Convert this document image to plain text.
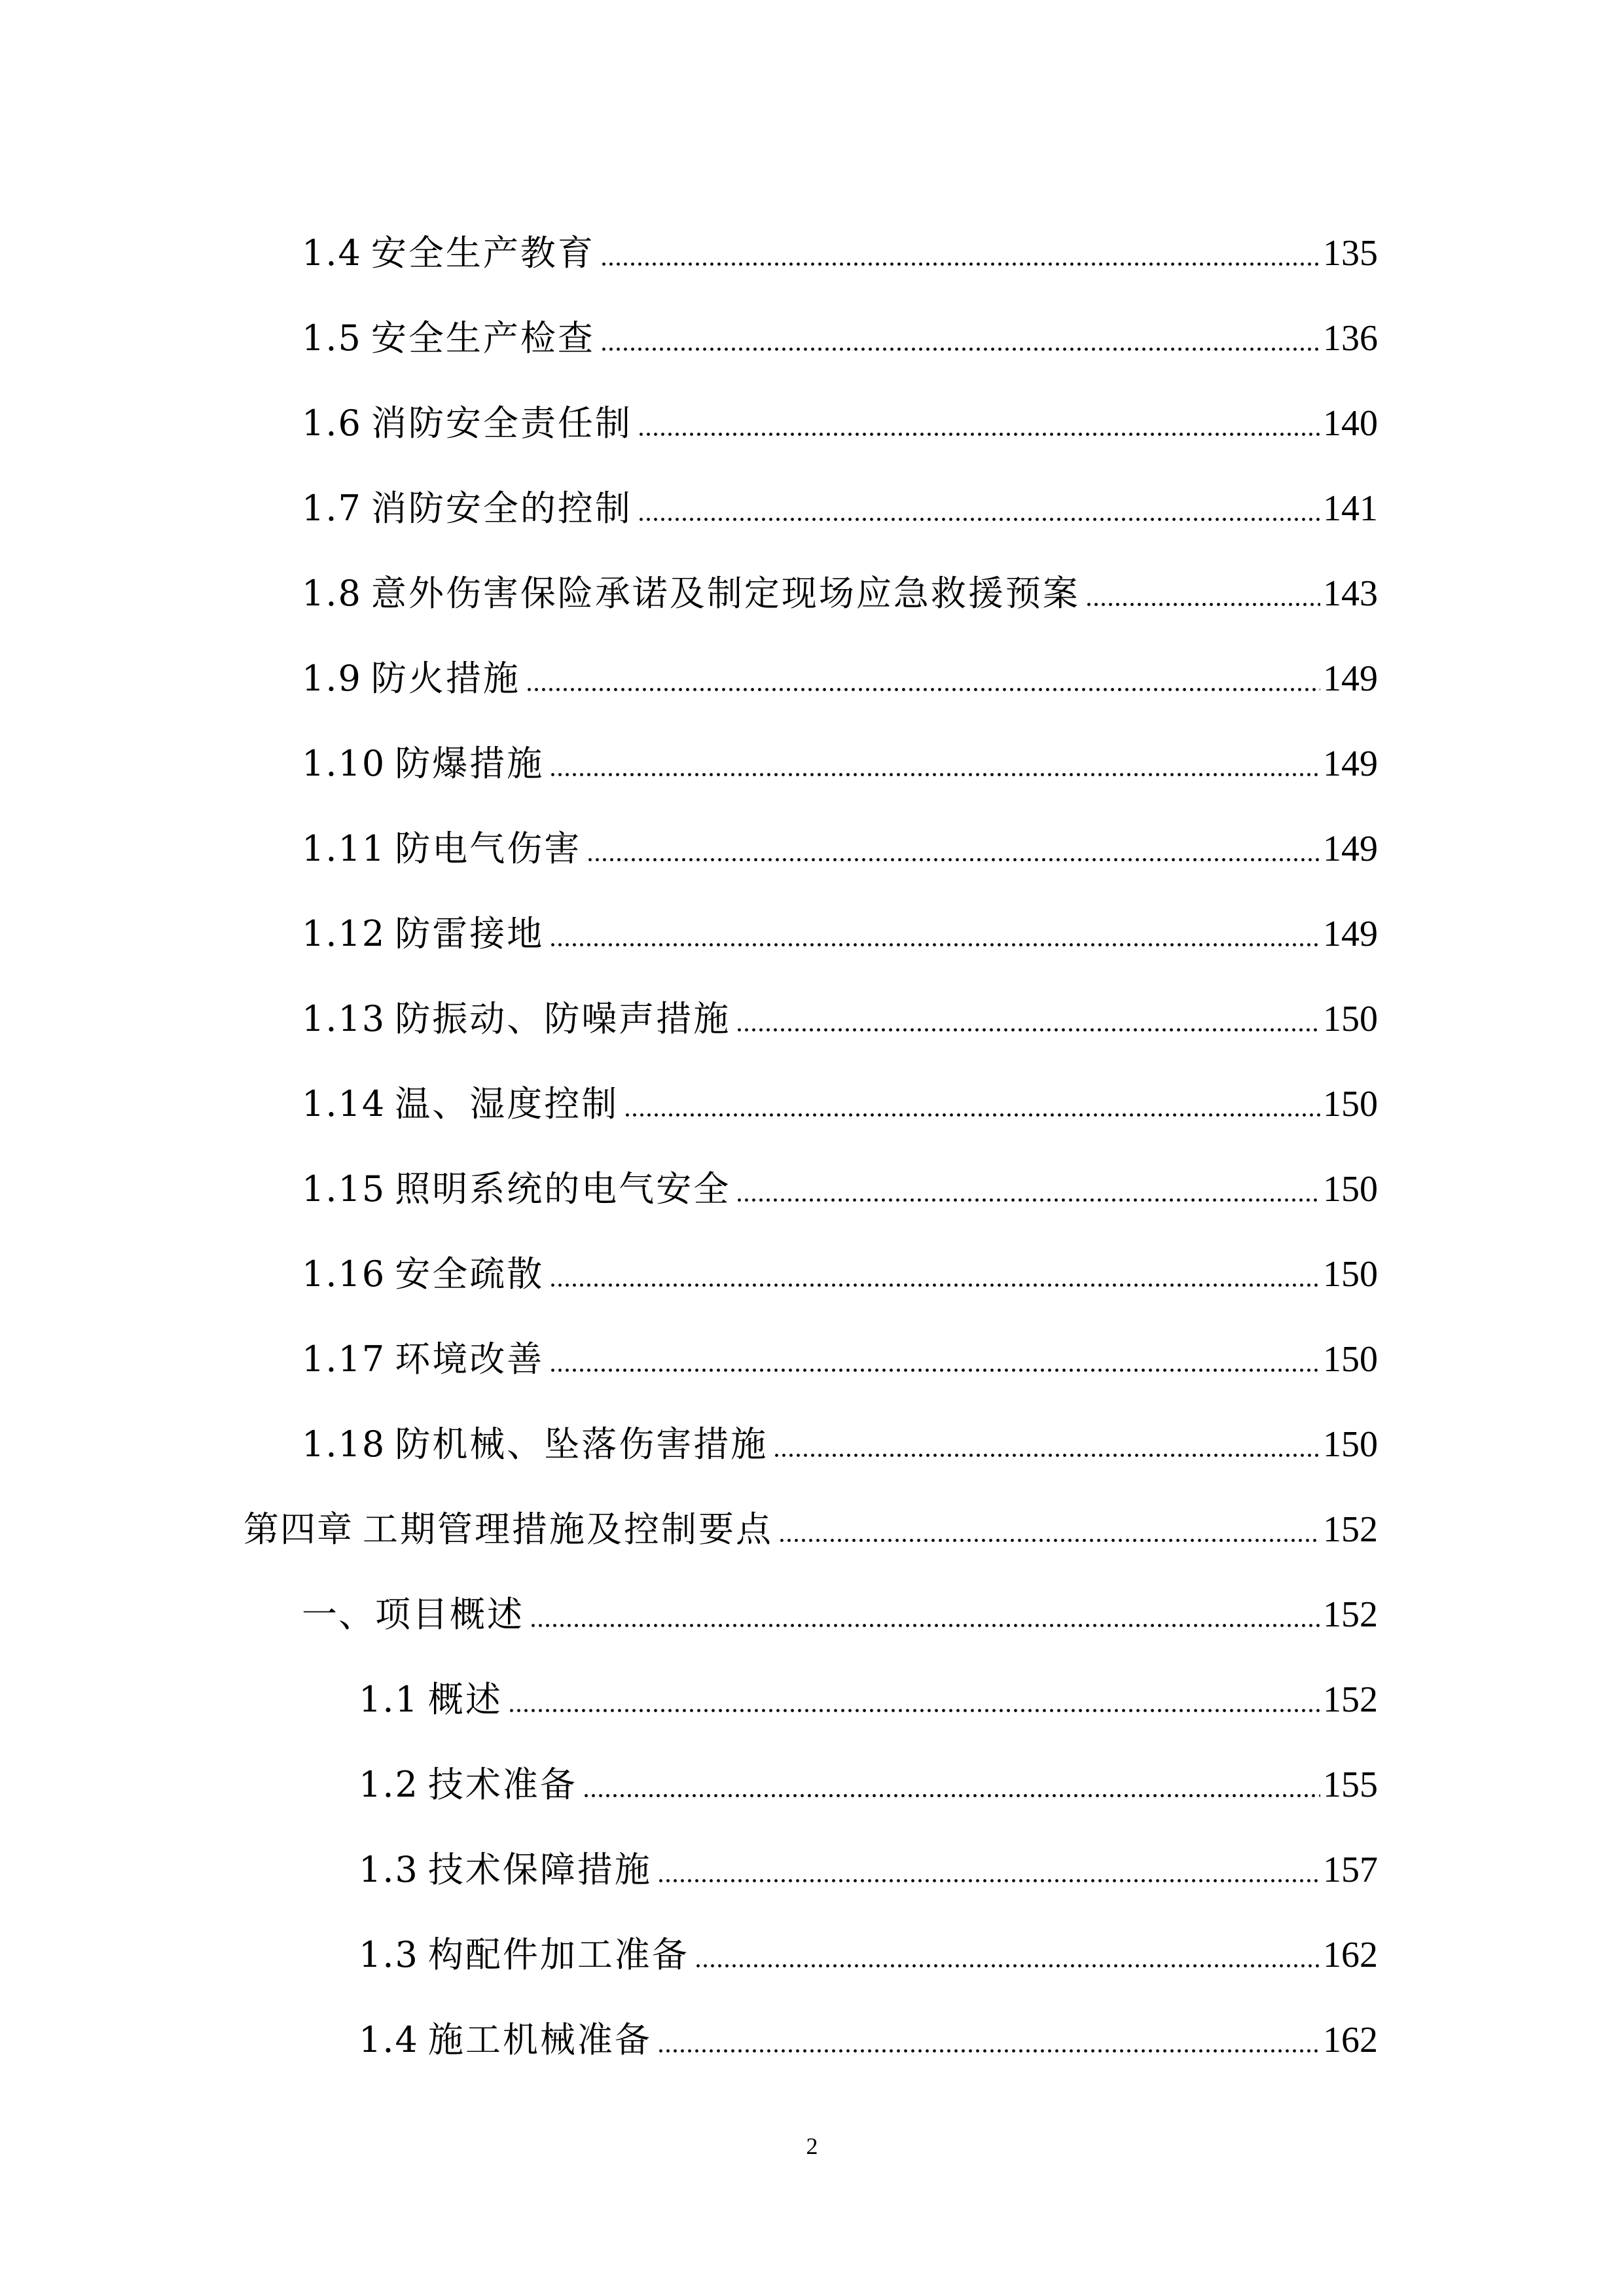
1.4 安全生产教育	135
1.5 安全生产检查	136
1.6 消防安全责任制	140
1.7 消防安全的控制	141
1.8 意外伤害保险承诺及制定现场应急救援预案	143
1.9 防火措施	149
1.10 防爆措施	149
1.11 防电气伤害	149
1.12 防雷接地	149
1.13 防振动、防噪声措施	150
1.14 温、湿度控制	150
1.15 照明系统的电气安全	150
1.16 安全疏散	150
1.17 环境改善	150
1.18 防机械、坠落伤害措施	150
第四章 工期管理措施及控制要点	152
一、 项目概述	152
1.1 概述	152
1.2 技术准备	155
1.3 技术保障措施	157
1.3 构配件加工准备	162
1.4 施工机械准备	162
2
